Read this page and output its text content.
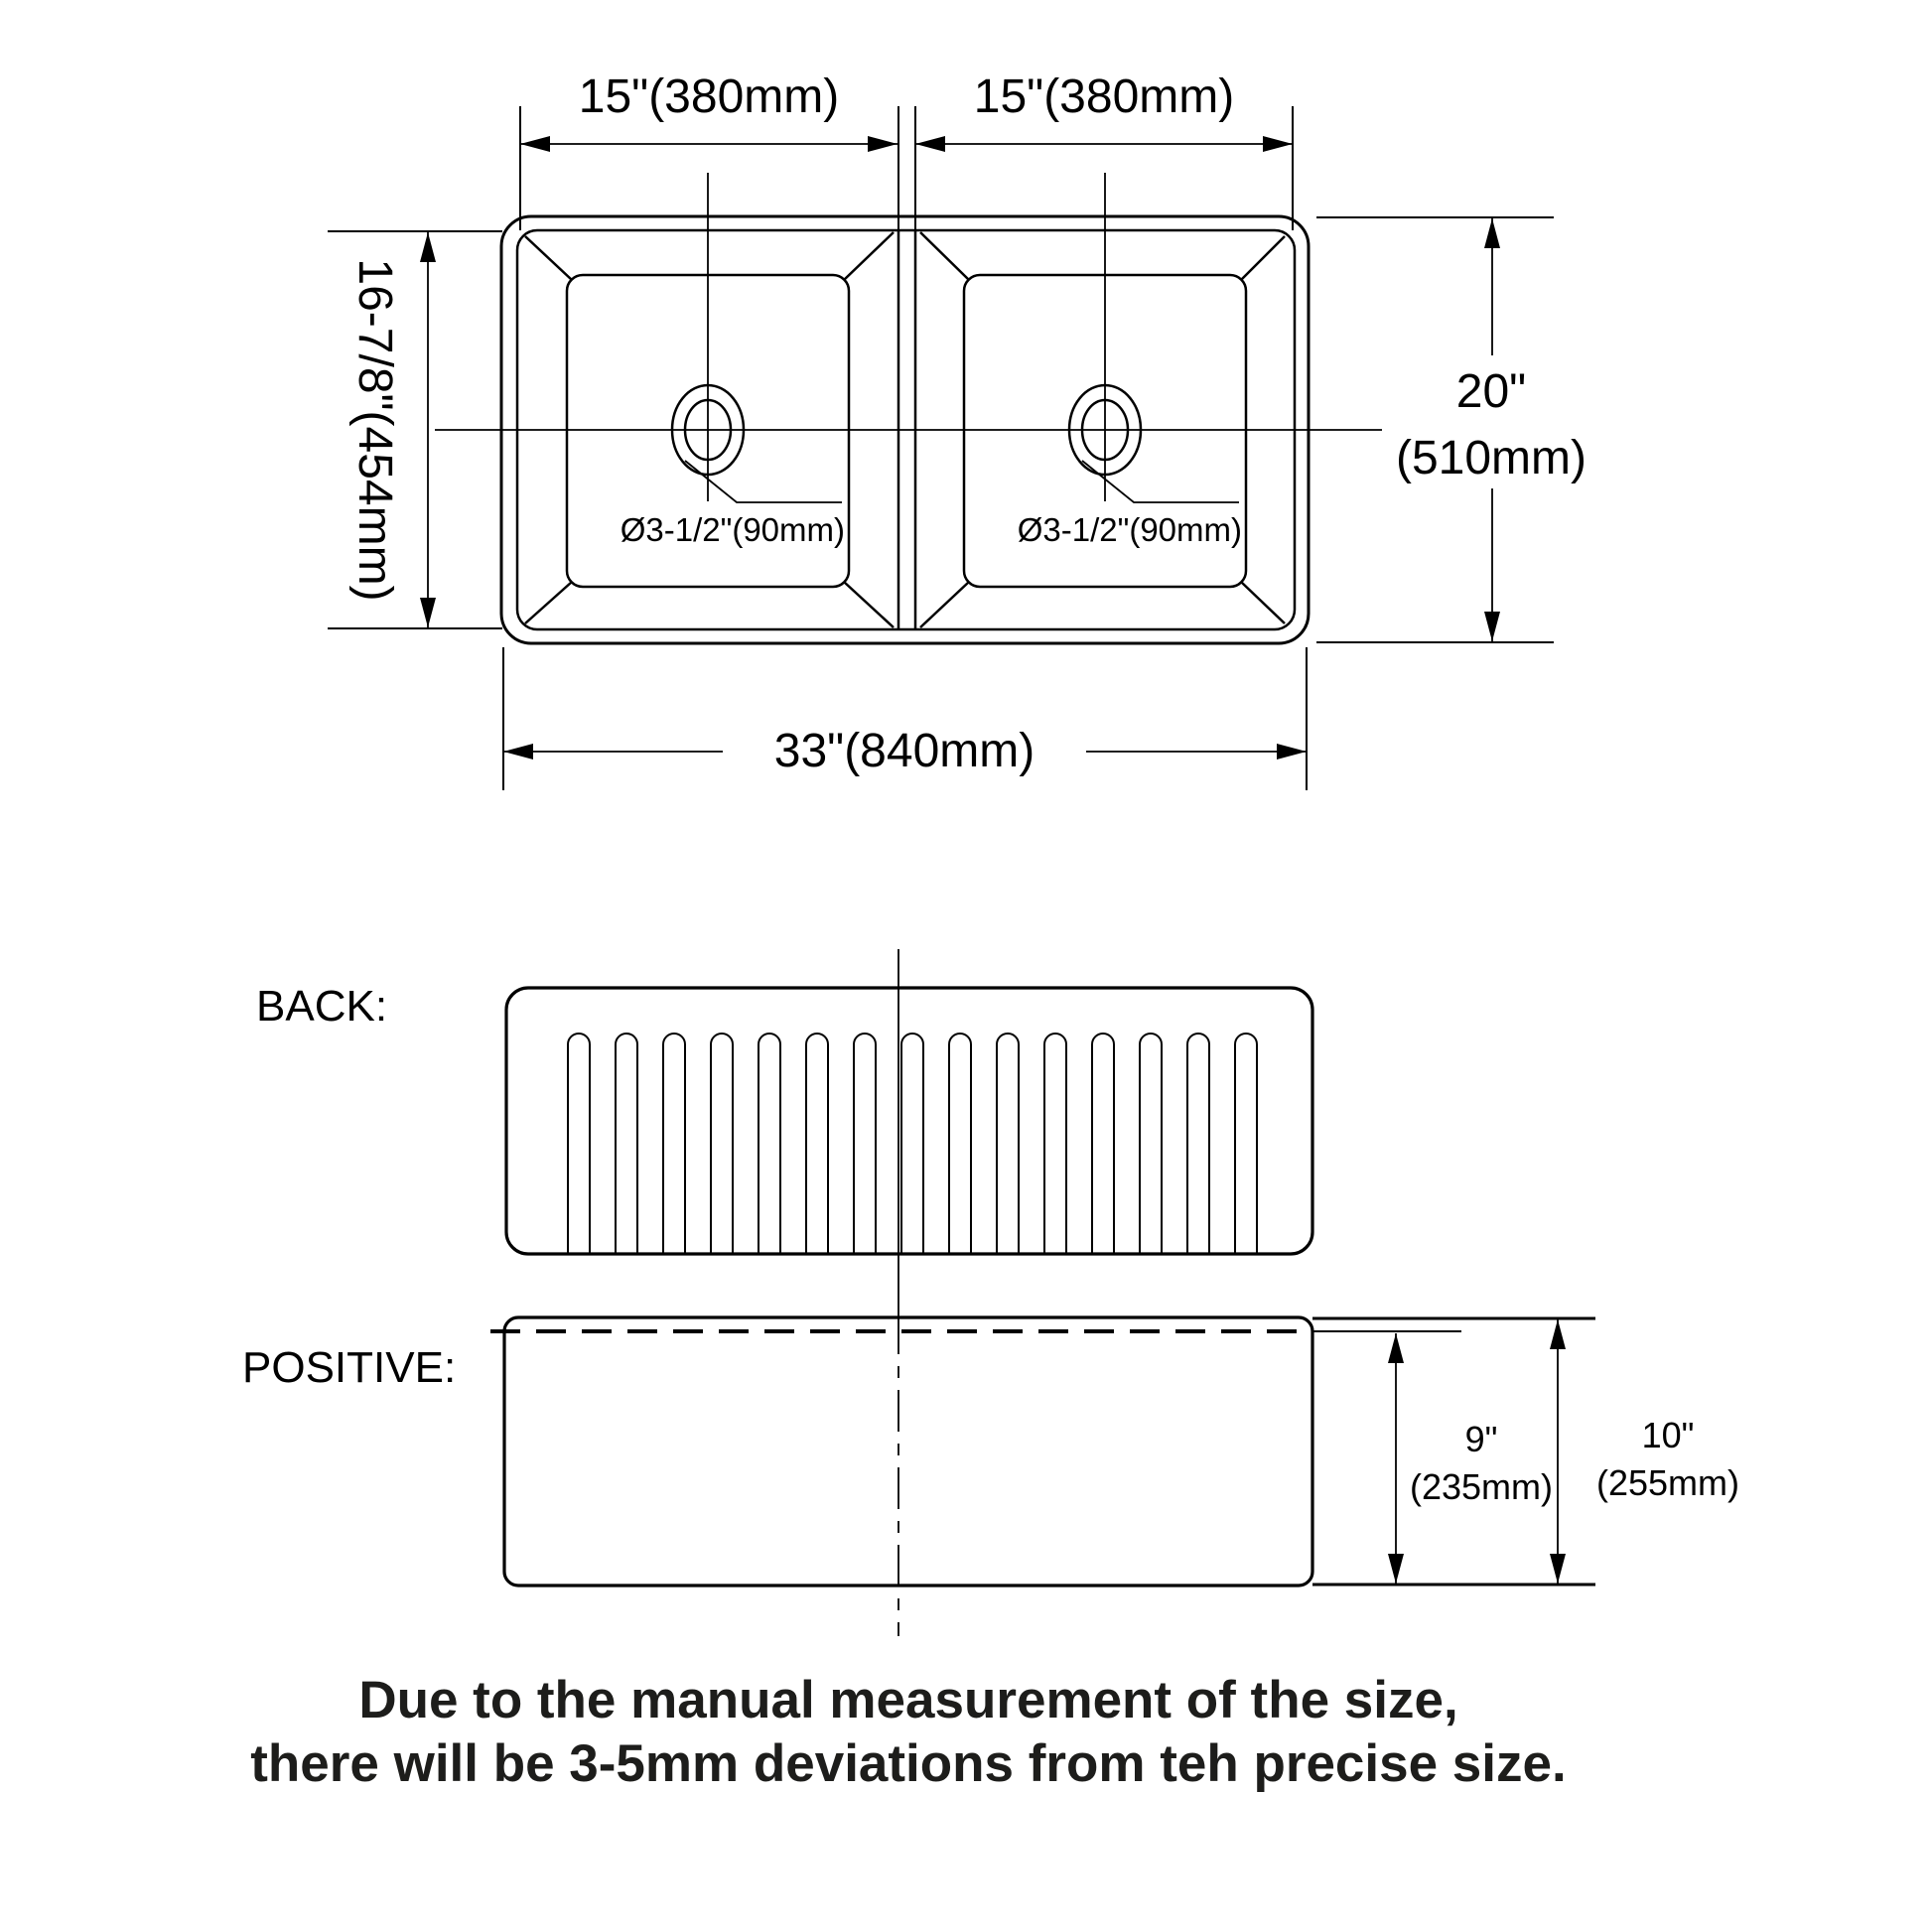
Ø3-1/2"(90mm)	Ø3-1/2"(90mm)
15"(380mm)	15"(380mm)
16-7/8"(454mm)	20"
(510mm)
33"(840mm)
BACK:
POSITIVE:
9"
(235mm)
10"
(255mm)
Due to the manual measurement of the size,
there will be 3-5mm deviations from teh precise size.
